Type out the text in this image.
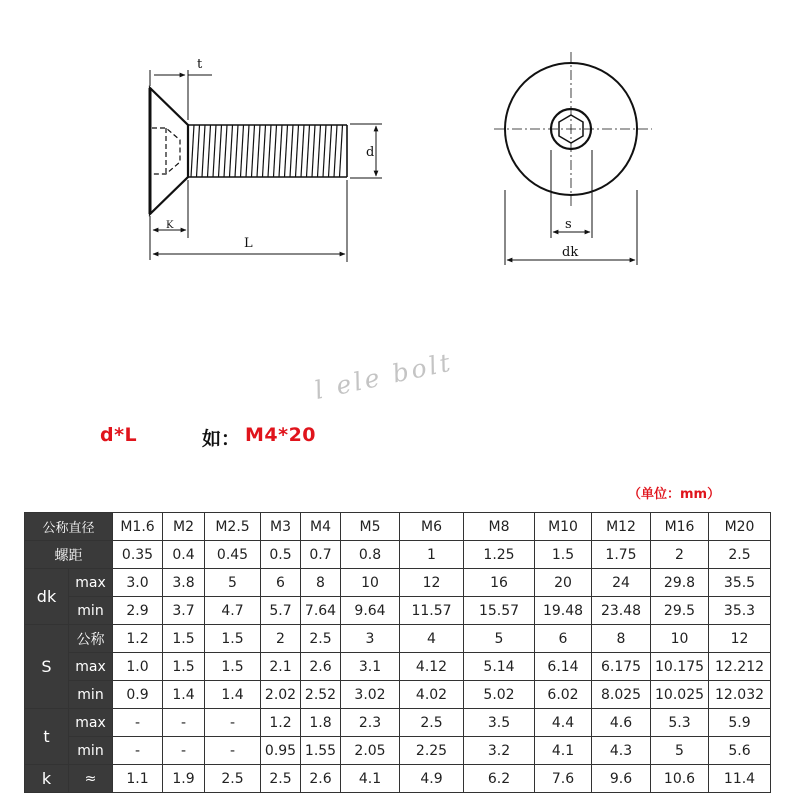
t
d
K
L
s
dk
l ele bolt
d*L	如： M4*20
（单位：mm）
公称直径		M1.6	M2	M2.5	M3	M4	M5	M6	M8	M10	M12	M16	M20
螺距		0.35	0.4	0.45	0.5	0.7	0.8	1	1.25	1.5	1.75	2	2.5
dk	max	3.0	3.8	5	6	8	10	12	16	20	24	29.8	35.5
	min	2.9	3.7	4.7	5.7	7.64	9.64	11.57	15.57	19.48	23.48	29.5	35.3
S	公称	1.2	1.5	1.5	2	2.5	3	4	5	6	8	10	12
	max	1.0	1.5	1.5	2.1	2.6	3.1	4.12	5.14	6.14	6.175	10.175	12.212
	min	0.9	1.4	1.4	2.02	2.52	3.02	4.02	5.02	6.02	8.025	10.025	12.032
t	max	-	-	-	1.2	1.8	2.3	2.5	3.5	4.4	4.6	5.3	5.9
	min	-	-	-	0.95	1.55	2.05	2.25	3.2	4.1	4.3	5	5.6
k	≈	1.1	1.9	2.5	2.5	2.6	4.1	4.9	6.2	7.6	9.6	10.6	11.4
